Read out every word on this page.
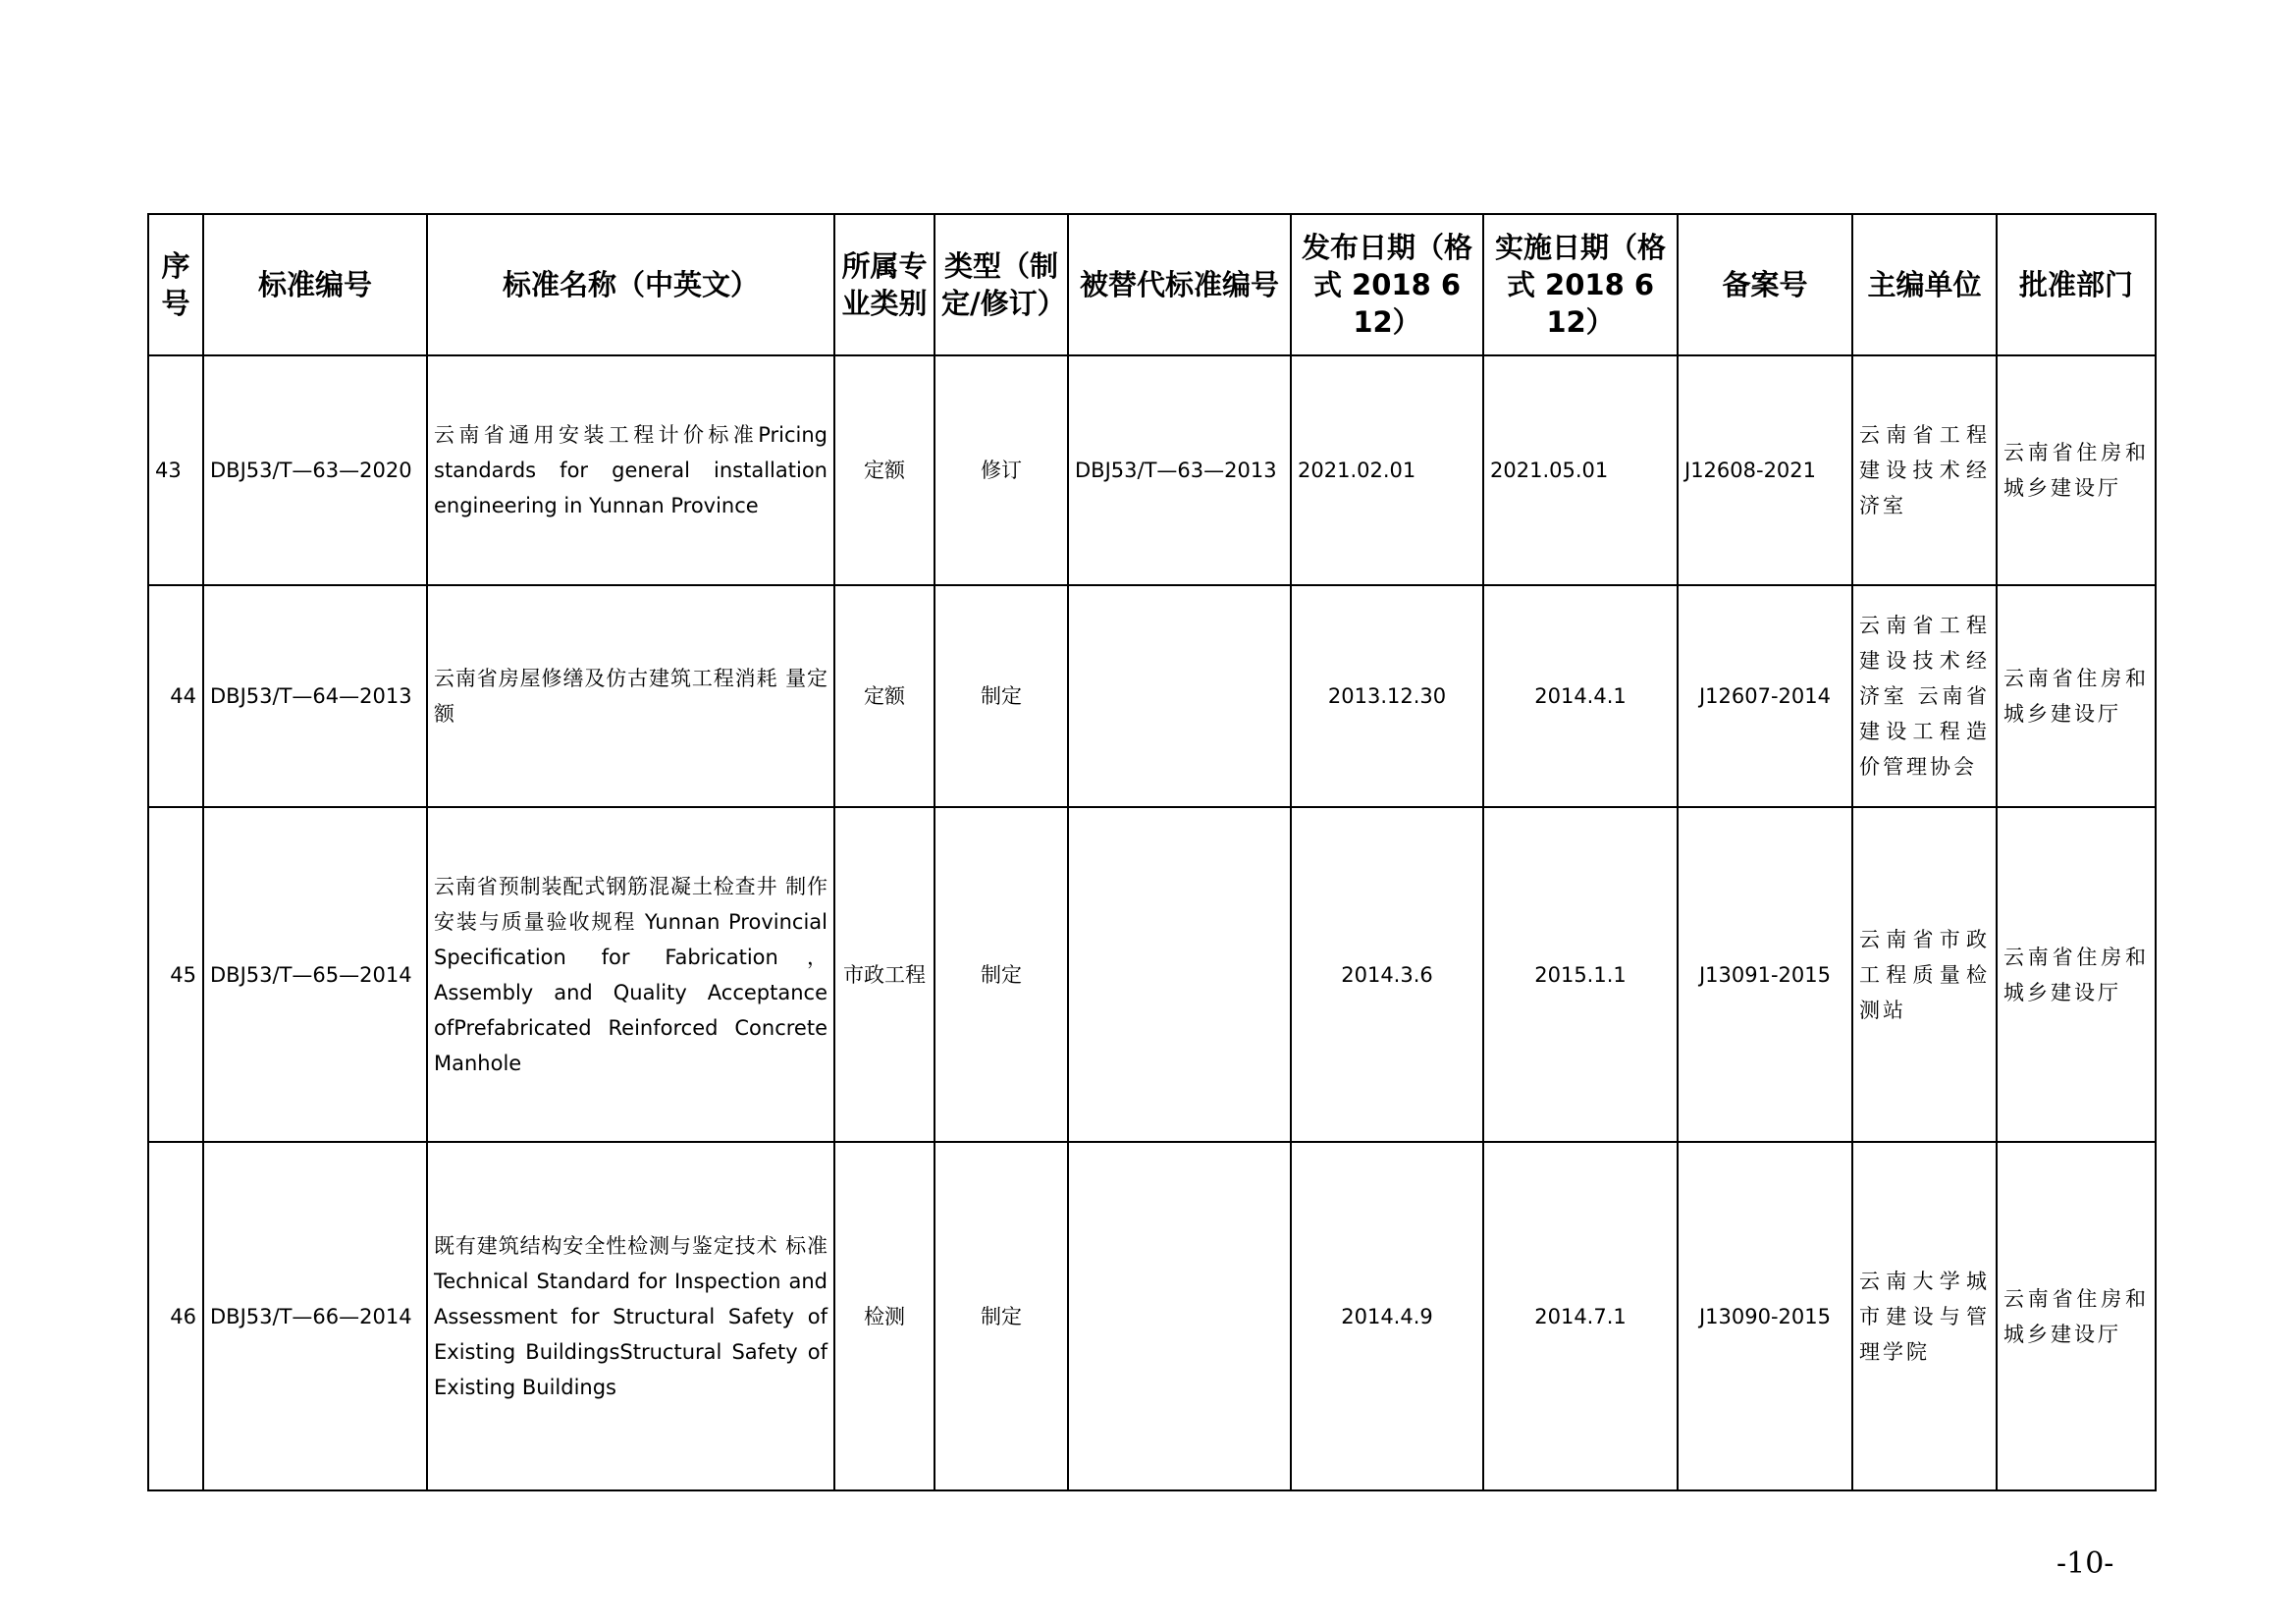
序号	标准编号	标准名称（中英文）	所属专业类别	类型（制定/修订）	被替代标准编号	发布日期（格式 2018 6 12）	实施日期（格式 2018 6 12）	备案号	主编单位	批准部门
43	DBJ53/T—63—2020	云南省通用安装工程计价标准Pricing standards for general installation engineering in Yunnan Province	定额	修订	DBJ53/T—63—2013	2021.02.01	2021.05.01	J12608-2021	云南省工程建设技术经济室	云南省住房和城乡建设厅
44	DBJ53/T—64—2013	云南省房屋修缮及仿古建筑工程消耗 量定额	定额	制定		2013.12.30	2014.4.1	J12607-2014	云南省工程建设技术经济室 云南省建设工程造价管理协会	云南省住房和城乡建设厅
45	DBJ53/T—65—2014	云南省预制装配式钢筋混凝土检查井 制作安装与质量验收规程 Yunnan Provincial Specification for Fabrication， Assembly and Quality Acceptance ofPrefabricated Reinforced Concrete Manhole	市政工程	制定		2014.3.6	2015.1.1	J13091-2015	云南省市政工程质量检测站	云南省住房和城乡建设厅
46	DBJ53/T—66—2014	既有建筑结构安全性检测与鉴定技术 标准 Technical Standard for Inspection and Assessment for Structural Safety of Existing BuildingsStructural Safety of Existing Buildings	检测	制定		2014.4.9	2014.7.1	J13090-2015	云南大学城市建设与管理学院	云南省住房和城乡建设厅
-10-
